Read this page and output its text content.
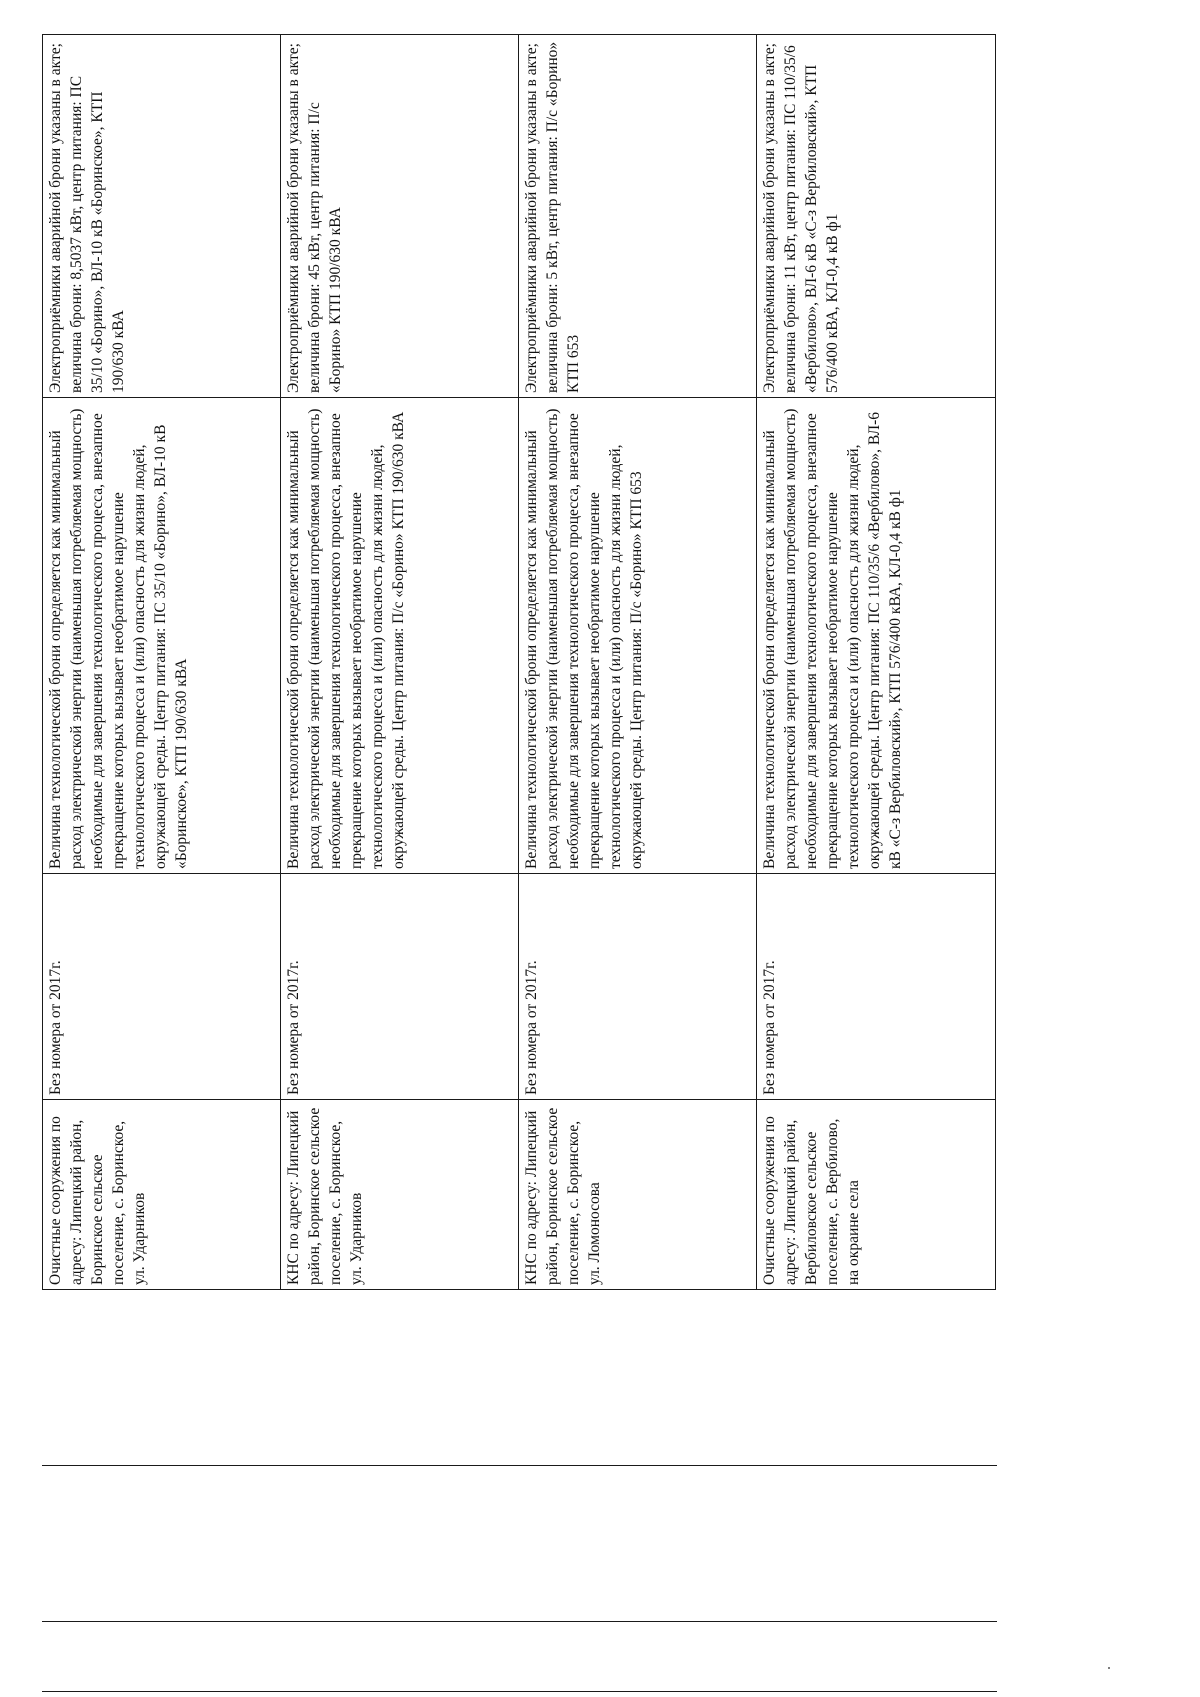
Очистные сооружения по адресу: Липецкий район, Боринское сельское поселение, с. Боринское, ул. Ударников	Без номера от 2017г.	Величина технологической брони определяется как минимальный расход электрической энергии (наименьшая потребляемая мощность) необходимые для завершения технологического процесса, внезапное прекращение которых вызывает необратимое нарушение технологического процесса и (или) опасность для жизни людей, окружающей среды. Центр питания: ПС 35/10 «Борино», ВЛ-10 кВ «Боринское», КТП 190/630 кВА	Электроприёмники аварийной брони указаны в акте; величина брони: 8,5037 кВт, центр питания: ПС 35/10 «Борино», ВЛ-10 кВ «Боринское», КТП 190/630 кВА
КНС по адресу: Липецкий район, Боринское сельское поселение, с. Боринское, ул. Ударников	Без номера от 2017г.	Величина технологической брони определяется как минимальный расход электрической энергии (наименьшая потребляемая мощность) необходимые для завершения технологического процесса, внезапное прекращение которых вызывает необратимое нарушение технологического процесса и (или) опасность для жизни людей, окружающей среды. Центр питания: П/с «Борино» КТП 190/630 кВА	Электроприёмники аварийной брони указаны в акте; величина брони: 45 кВт, центр питания: П/с «Борино» КТП 190/630 кВА
КНС по адресу: Липецкий район, Боринское сельское поселение, с. Боринское, ул. Ломоносова	Без номера от 2017г.	Величина технологической брони определяется как минимальный расход электрической энергии (наименьшая потребляемая мощность) необходимые для завершения технологического процесса, внезапное прекращение которых вызывает необратимое нарушение технологического процесса и (или) опасность для жизни людей, окружающей среды. Центр питания: П/с «Борино» КТП 653	Электроприёмники аварийной брони указаны в акте; величина брони: 5 кВт, центр питания: П/с «Борино» КТП 653
Очистные сооружения по адресу: Липецкий район, Вербиловское сельское поселение, с. Вербилово, на окраине села	Без номера от 2017г.	Величина технологической брони определяется как минимальный расход электрической энергии (наименьшая потребляемая мощность) необходимые для завершения технологического процесса, внезапное прекращение которых вызывает необратимое нарушение технологического процесса и (или) опасность для жизни людей, окружающей среды. Центр питания: ПС 110/35/6 «Вербилово», ВЛ-6 кВ «С-з Вербиловский», КТП 576/400 кВА, КЛ-0,4 кВ ф1	Электроприёмники аварийной брони указаны в акте; величина брони: 11 кВт, центр питания: ПС 110/35/6 «Вербилово», ВЛ-6 кВ «С-з Вербиловский», КТП 576/400 кВА, КЛ-0,4 кВ ф1
